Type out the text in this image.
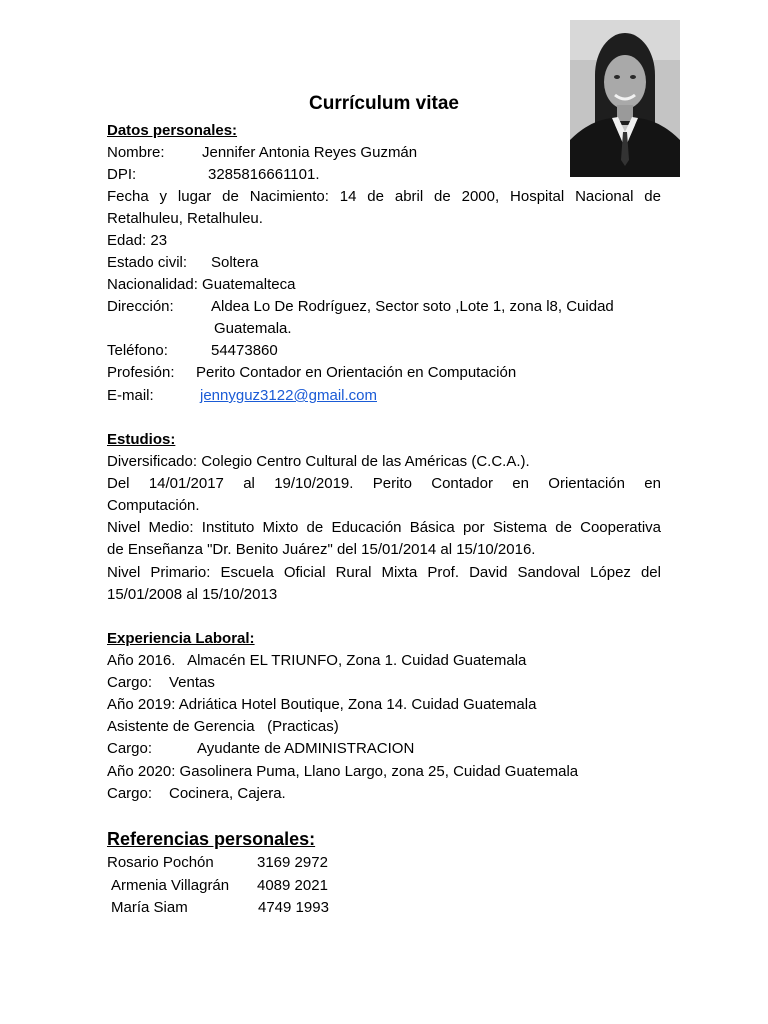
Currículum vitae
Datos personales:
Nombre: Jennifer Antonia Reyes Guzmán
DPI:	3285816661101.
Fecha y lugar de Nacimiento: 14 de abril de 2000, Hospital Nacional de
Retalhuleu, Retalhuleu.
Edad: 23
Estado civil: Soltera
Nacionalidad: Guatemalteca
Dirección: Aldea Lo De Rodríguez, Sector soto ,Lote 1, zona l8, Cuidad
Guatemala.
Teléfono:	54473860
Profesión: Perito Contador en Orientación en Computación
E-mail:	jennyguz3122@gmail.com
Estudios:
Diversificado: Colegio Centro Cultural de las Américas (C.C.A.).
Del 14/01/2017 al 19/10/2019. Perito Contador en Orientación en
Computación.
Nivel Medio: Instituto Mixto de Educación Básica por Sistema de Cooperativa
de Enseñanza "Dr. Benito Juárez" del 15/01/2014 al 15/10/2016.
Nivel Primario: Escuela Oficial Rural Mixta Prof. David Sandoval López del
15/01/2008 al 15/10/2013
Experiencia Laboral:
Año 2016.   Almacén EL TRIUNFO, Zona 1. Cuidad Guatemala
Cargo: Ventas
Año 2019: Adriática Hotel Boutique, Zona 14. Cuidad Guatemala
Asistente de Gerencia   (Practicas)
Cargo:	Ayudante de ADMINISTRACION
Año 2020: Gasolinera Puma, Llano Largo, zona 25, Cuidad Guatemala
Cargo: Cocinera, Cajera.
Referencias personales:
Rosario Pochón	3169 2972
Armenia Villagrán 4089 2021
María Siam	4749 1993
